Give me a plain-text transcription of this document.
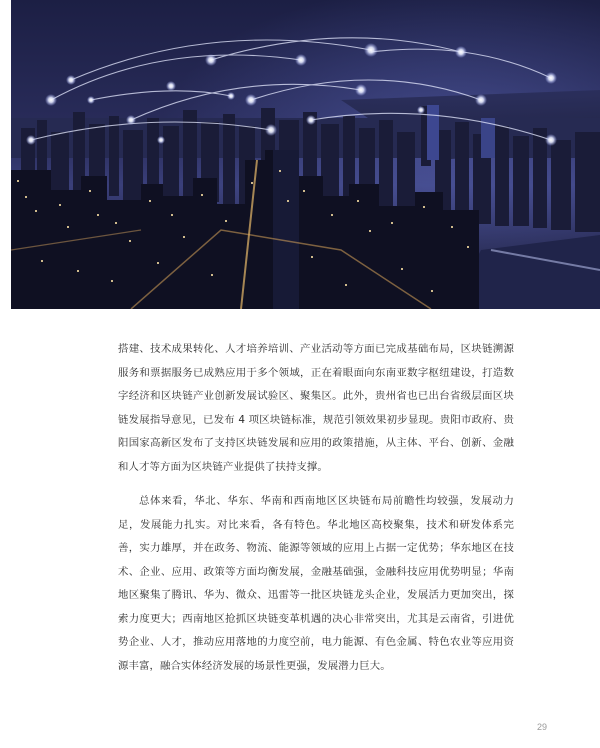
搭建、技术成果转化、人才培养培训、产业活动等方面已完成基础布局，区块链溯源服务和票据服务已成熟应用于多个领域，正在着眼面向东南亚数字枢纽建设，打造数字经济和区块链产业创新发展试验区、聚集区。此外，贵州省也已出台省级层面区块链发展指导意见，已发布 4 项区块链标准，规范引领效果初步显现。贵阳市政府、贵阳国家高新区发布了支持区块链发展和应用的政策措施，从主体、平台、创新、金融和人才等方面为区块链产业提供了扶持支撑。

总体来看，华北、华东、华南和西南地区区块链布局前瞻性均较强，发展动力足，发展能力扎实。对比来看，各有特色。华北地区高校聚集，技术和研发体系完善，实力雄厚，并在政务、物流、能源等领域的应用上占据一定优势；华东地区在技术、企业、应用、政策等方面均衡发展，金融基础强，金融科技应用优势明显；华南地区聚集了腾讯、华为、微众、迅雷等一批区块链龙头企业，发展活力更加突出，探索力度更大；西南地区抢抓区块链变革机遇的决心非常突出，尤其是云南省，引进优势企业、人才，推动应用落地的力度空前，电力能源、有色金属、特色农业等应用资源丰富，融合实体经济发展的场景性更强，发展潜力巨大。

29
